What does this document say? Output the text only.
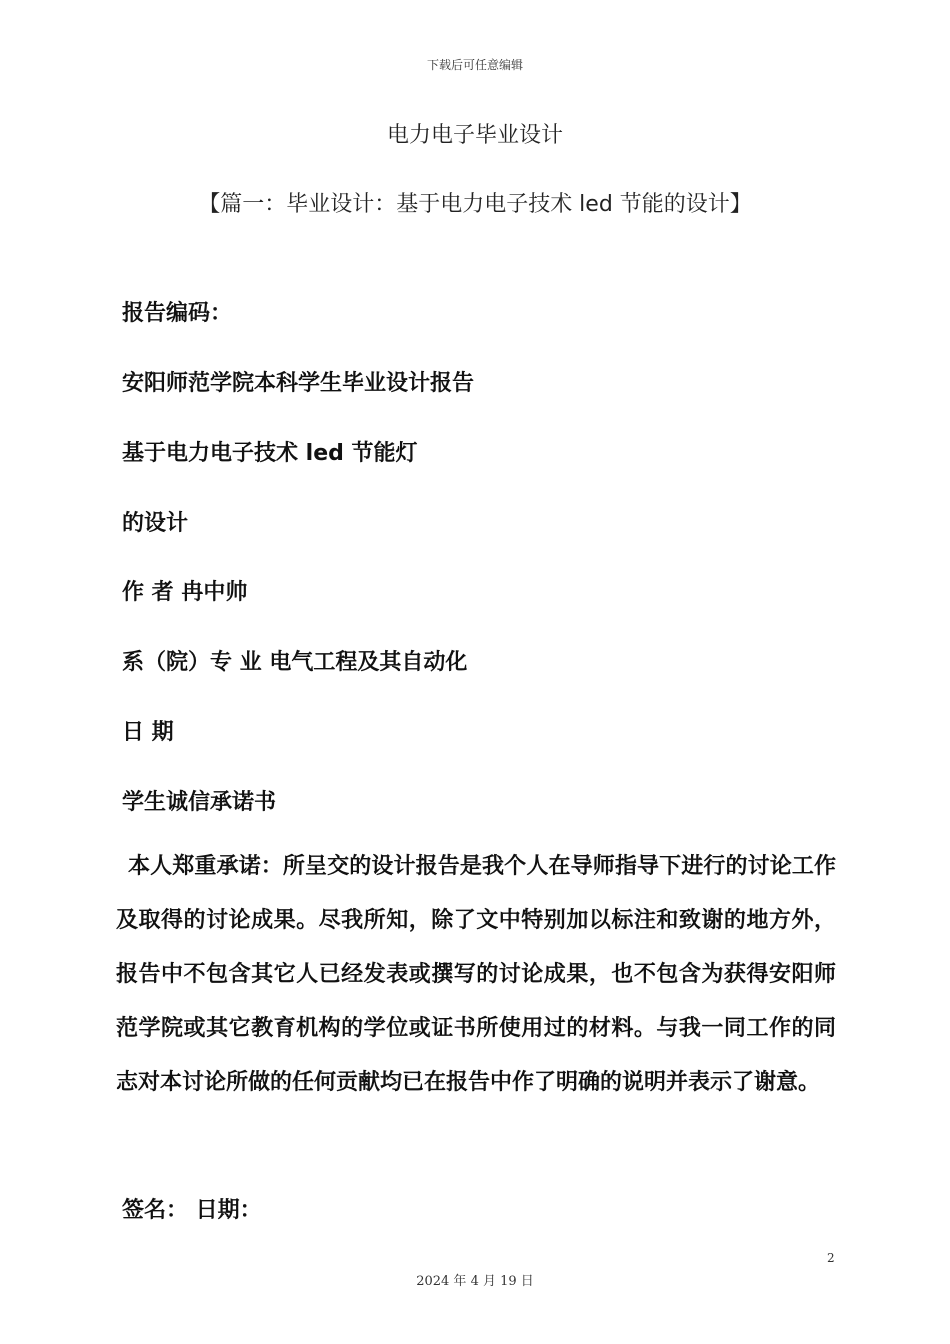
下载后可任意编辑
电力电子毕业设计
【篇一：毕业设计：基于电力电子技术 led 节能的设计】
报告编码：
安阳师范学院本科学生毕业设计报告
基于电力电子技术 led 节能灯
的设计
作 者 冉中帅
系（院）专 业 电气工程及其自动化
日 期
学生诚信承诺书

本人郑重承诺：所呈交的设计报告是我个人在导师指导下进行的讨论工作及取得的讨论成果。尽我所知，除了文中特别加以标注和致谢的地方外，报告中不包含其它人已经发表或撰写的讨论成果，也不包含为获得安阳师范学院或其它教育机构的学位或证书所使用过的材料。与我一同工作的同志对本讨论所做的任何贡献均已在报告中作了明确的说明并表示了谢意。

签名： 日期：
2
2024 年 4 月 19 日
